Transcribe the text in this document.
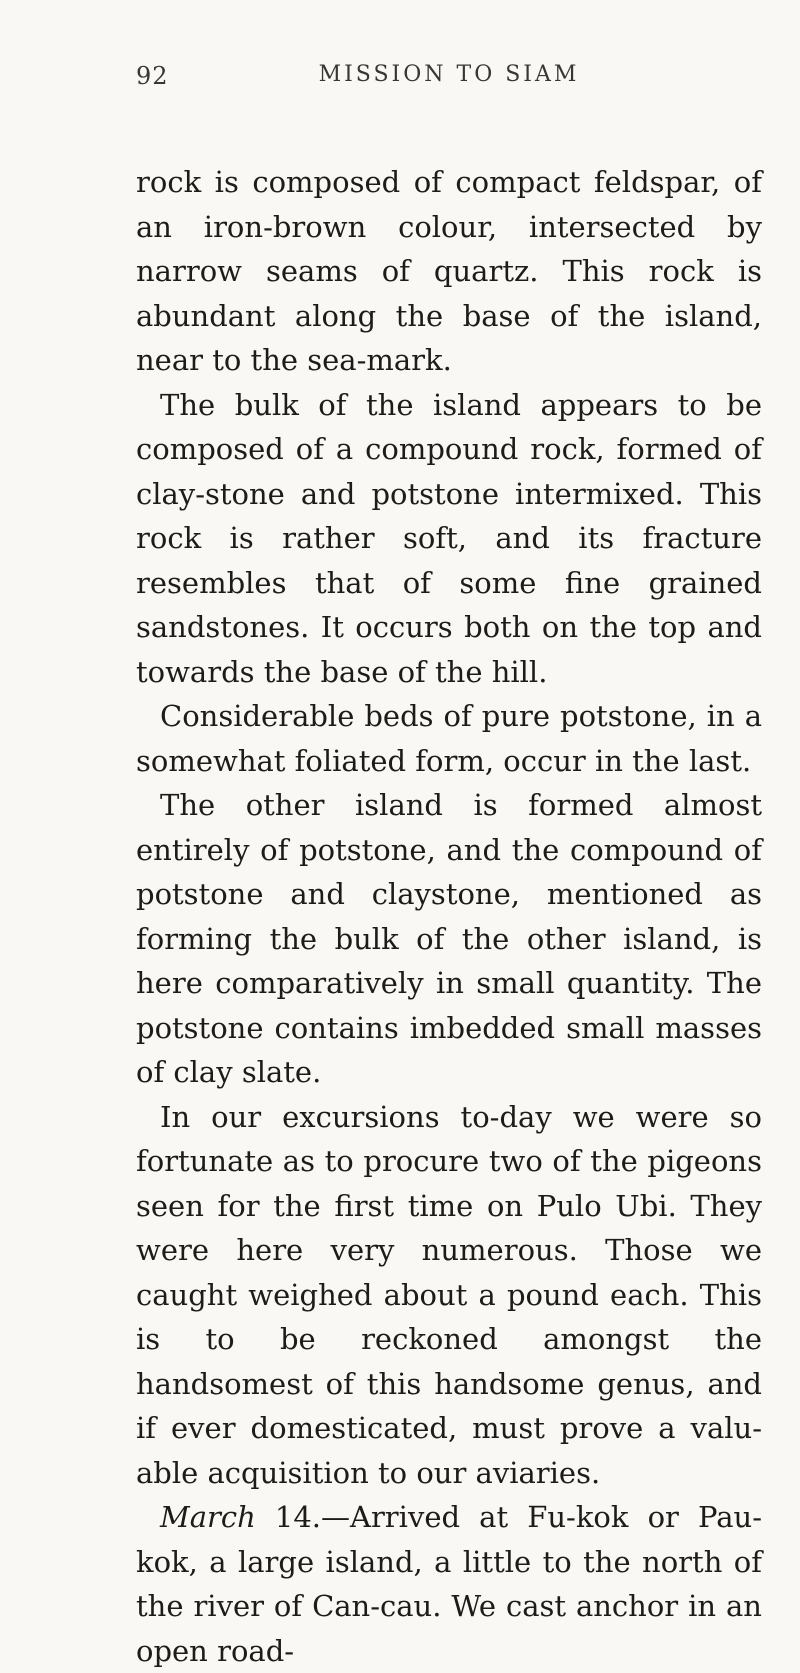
92	MISSION TO SIAM

rock is composed of compact feldspar, of an iron-brown colour, intersected by narrow seams of quartz. This rock is abundant along the base of the island, near to the sea-mark.

The bulk of the island appears to be composed of a compound rock, formed of clay-stone and potstone intermixed. This rock is rather soft, and its fracture resembles that of some fine grained sandstones. It occurs both on the top and towards the base of the hill.

Considerable beds of pure potstone, in a somewhat foliated form, occur in the last.

The other island is formed almost entirely of potstone, and the compound of potstone and claystone, mentioned as forming the bulk of the other island, is here comparatively in small quantity. The potstone contains imbedded small masses of clay slate.

In our excursions to-day we were so fortunate as to procure two of the pigeons seen for the first time on Pulo Ubi. They were here very numerous. Those we caught weighed about a pound each. This is to be reckoned amongst the handsomest of this handsome genus, and if ever domesticated, must prove a valuable acquisition to our aviaries.

March 14.—Arrived at Fu-kok or Pau-kok, a large island, a little to the north of the river of Can-cau. We cast anchor in an open road-
